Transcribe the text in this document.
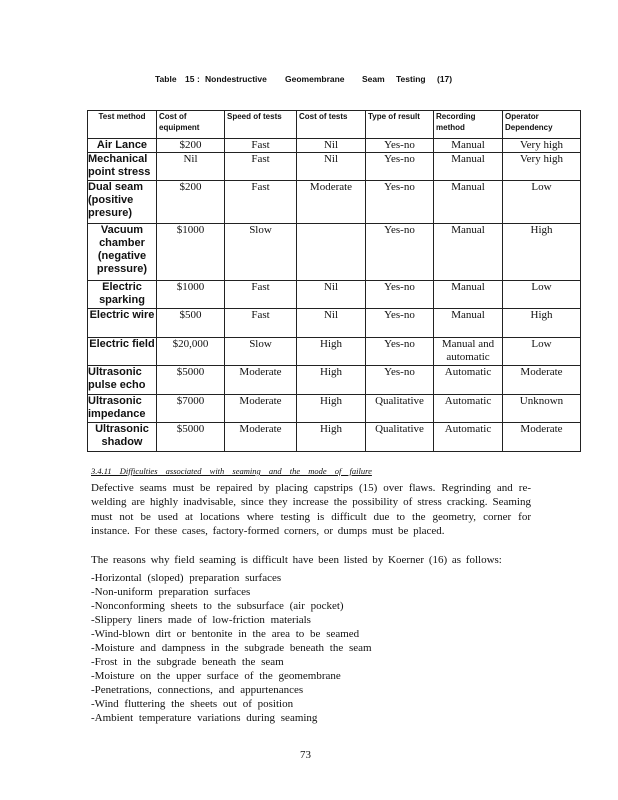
Table 15 : Nondestructive Geomembrane Seam Testing (17)
Test method	Cost of equipment	Speed of tests	Cost of tests	Type of result	Recording method	Operator Dependency
Air Lance	$200	Fast	Nil	Yes-no	Manual	Very high
Mechanical point stress	Nil	Fast	Nil	Yes-no	Manual	Very high
Dual seam (positive presure)	$200	Fast	Moderate	Yes-no	Manual	Low
Vacuum chamber (negative pressure)	$1000	Slow		Yes-no	Manual	High
Electric sparking	$1000	Fast	Nil	Yes-no	Manual	Low
Electric wire	$500	Fast	Nil	Yes-no	Manual	High
Electric field	$20,000	Slow	High	Yes-no	Manual and automatic	Low
Ultrasonic pulse echo	$5000	Moderate	High	Yes-no	Automatic	Moderate
Ultrasonic impedance	$7000	Moderate	High	Qualitative	Automatic	Unknown
Ultrasonic shadow	$5000	Moderate	High	Qualitative	Automatic	Moderate
3.4.11 Difficulties associated with seaming and the mode of failure
Defective seams must be repaired by placing capstrips (15) over flaws. Regrinding and re-welding are highly inadvisable, since they increase the possibility of stress cracking. Seaming must not be used at locations where testing is difficult due to the geometry, corner for instance. For these cases, factory-formed corners, or dumps must be placed.
The reasons why field seaming is difficult have been listed by Koerner (16) as follows:
-Horizontal (sloped) preparation surfaces
-Non-uniform preparation surfaces
-Nonconforming sheets to the subsurface (air pocket)
-Slippery liners made of low-friction materials
-Wind-blown dirt or bentonite in the area to be seamed
-Moisture and dampness in the subgrade beneath the seam
-Frost in the subgrade beneath the seam
-Moisture on the upper surface of the geomembrane
-Penetrations, connections, and appurtenances
-Wind fluttering the sheets out of position
-Ambient temperature variations during seaming
73
